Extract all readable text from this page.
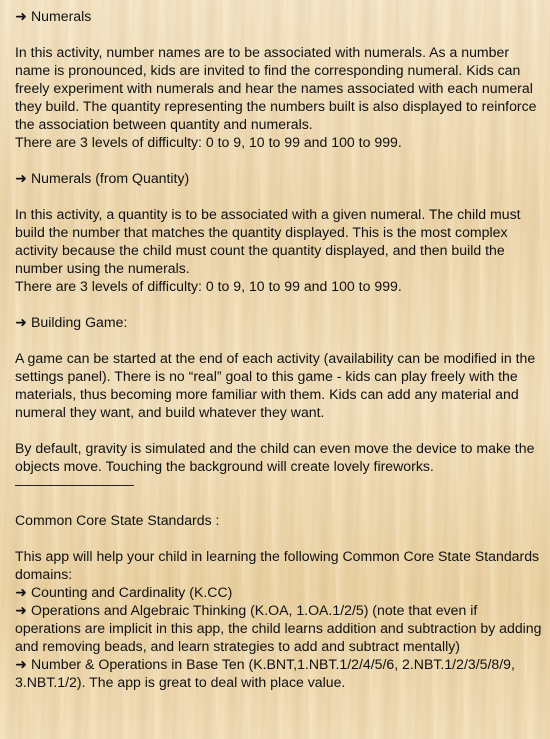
➜ Numerals

In this activity, number names are to be associated with numerals. As a number name is pronounced, kids are invited to find the corresponding numeral. Kids can freely experiment with numerals and hear the names associated with each numeral they build. The quantity representing the numbers built is also displayed to reinforce the association between quantity and numerals.

There are 3 levels of difficulty: 0 to 9, 10 to 99 and 100 to 999.

➜ Numerals (from Quantity)

In this activity, a quantity is to be associated with a given numeral. The child must build the number that matches the quantity displayed. This is the most complex activity because the child must count the quantity displayed, and then build the number using the numerals.

There are 3 levels of difficulty: 0 to 9, 10 to 99 and 100 to 999.

➜ Building Game:

A game can be started at the end of each activity (availability can be modified in the settings panel). There is no “real” goal to this game - kids can play freely with the materials, thus becoming more familiar with them. Kids can add any material and numeral they want, and build whatever they want.

By default, gravity is simulated and the child can even move the device to make the objects move. Touching the background will create lovely fireworks.

Common Core State Standards :

This app will help your child in learning the following Common Core State Standards domains:

➜ Counting and Cardinality (K.CC)

➜ Operations and Algebraic Thinking (K.OA, 1.OA.1/2/5) (note that even if operations are implicit in this app, the child learns addition and subtraction by adding and removing beads, and learn strategies to add and subtract mentally)

➜ Number & Operations in Base Ten (K.BNT,1.NBT.1/2/4/5/6, 2.NBT.1/2/3/5/8/9, 3.NBT.1/2). The app is great to deal with place value.
